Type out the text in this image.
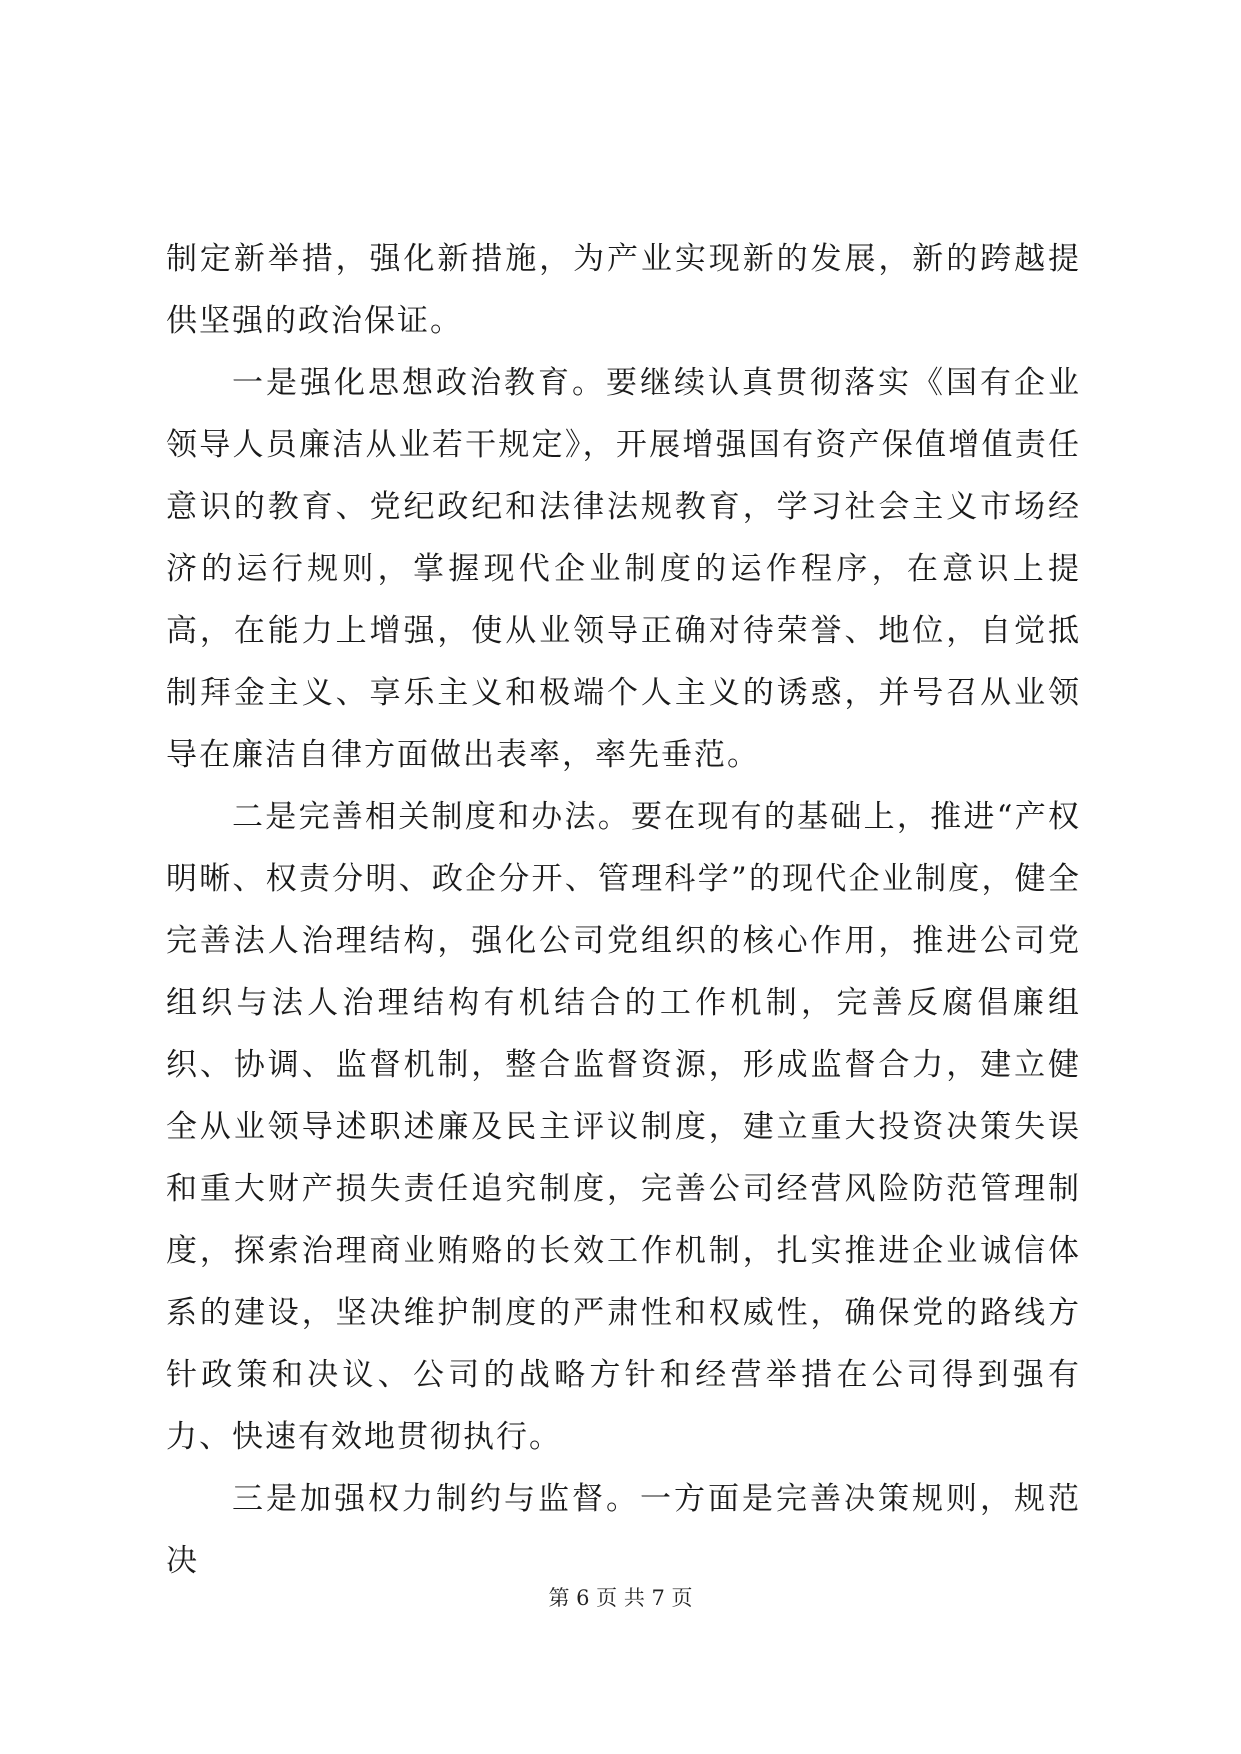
制定新举措，强化新措施，为产业实现新的发展，新的跨越提供坚强的政治保证。

一是强化思想政治教育。要继续认真贯彻落实《国有企业领导人员廉洁从业若干规定》，开展增强国有资产保值增值责任意识的教育、党纪政纪和法律法规教育，学习社会主义市场经济的运行规则，掌握现代企业制度的运作程序，在意识上提高，在能力上增强，使从业领导正确对待荣誉、地位，自觉抵制拜金主义、享乐主义和极端个人主义的诱惑，并号召从业领导在廉洁自律方面做出表率，率先垂范。

二是完善相关制度和办法。要在现有的基础上，推进“产权明晰、权责分明、政企分开、管理科学”的现代企业制度，健全完善法人治理结构，强化公司党组织的核心作用，推进公司党组织与法人治理结构有机结合的工作机制，完善反腐倡廉组织、协调、监督机制，整合监督资源，形成监督合力，建立健全从业领导述职述廉及民主评议制度，建立重大投资决策失误和重大财产损失责任追究制度，完善公司经营风险防范管理制度，探索治理商业贿赂的长效工作机制，扎实推进企业诚信体系的建设，坚决维护制度的严肃性和权威性，确保党的路线方针政策和决议、公司的战略方针和经营举措在公司得到强有力、快速有效地贯彻执行。

三是加强权力制约与监督。一方面是完善决策规则，规范决

第 6 页 共 7 页
